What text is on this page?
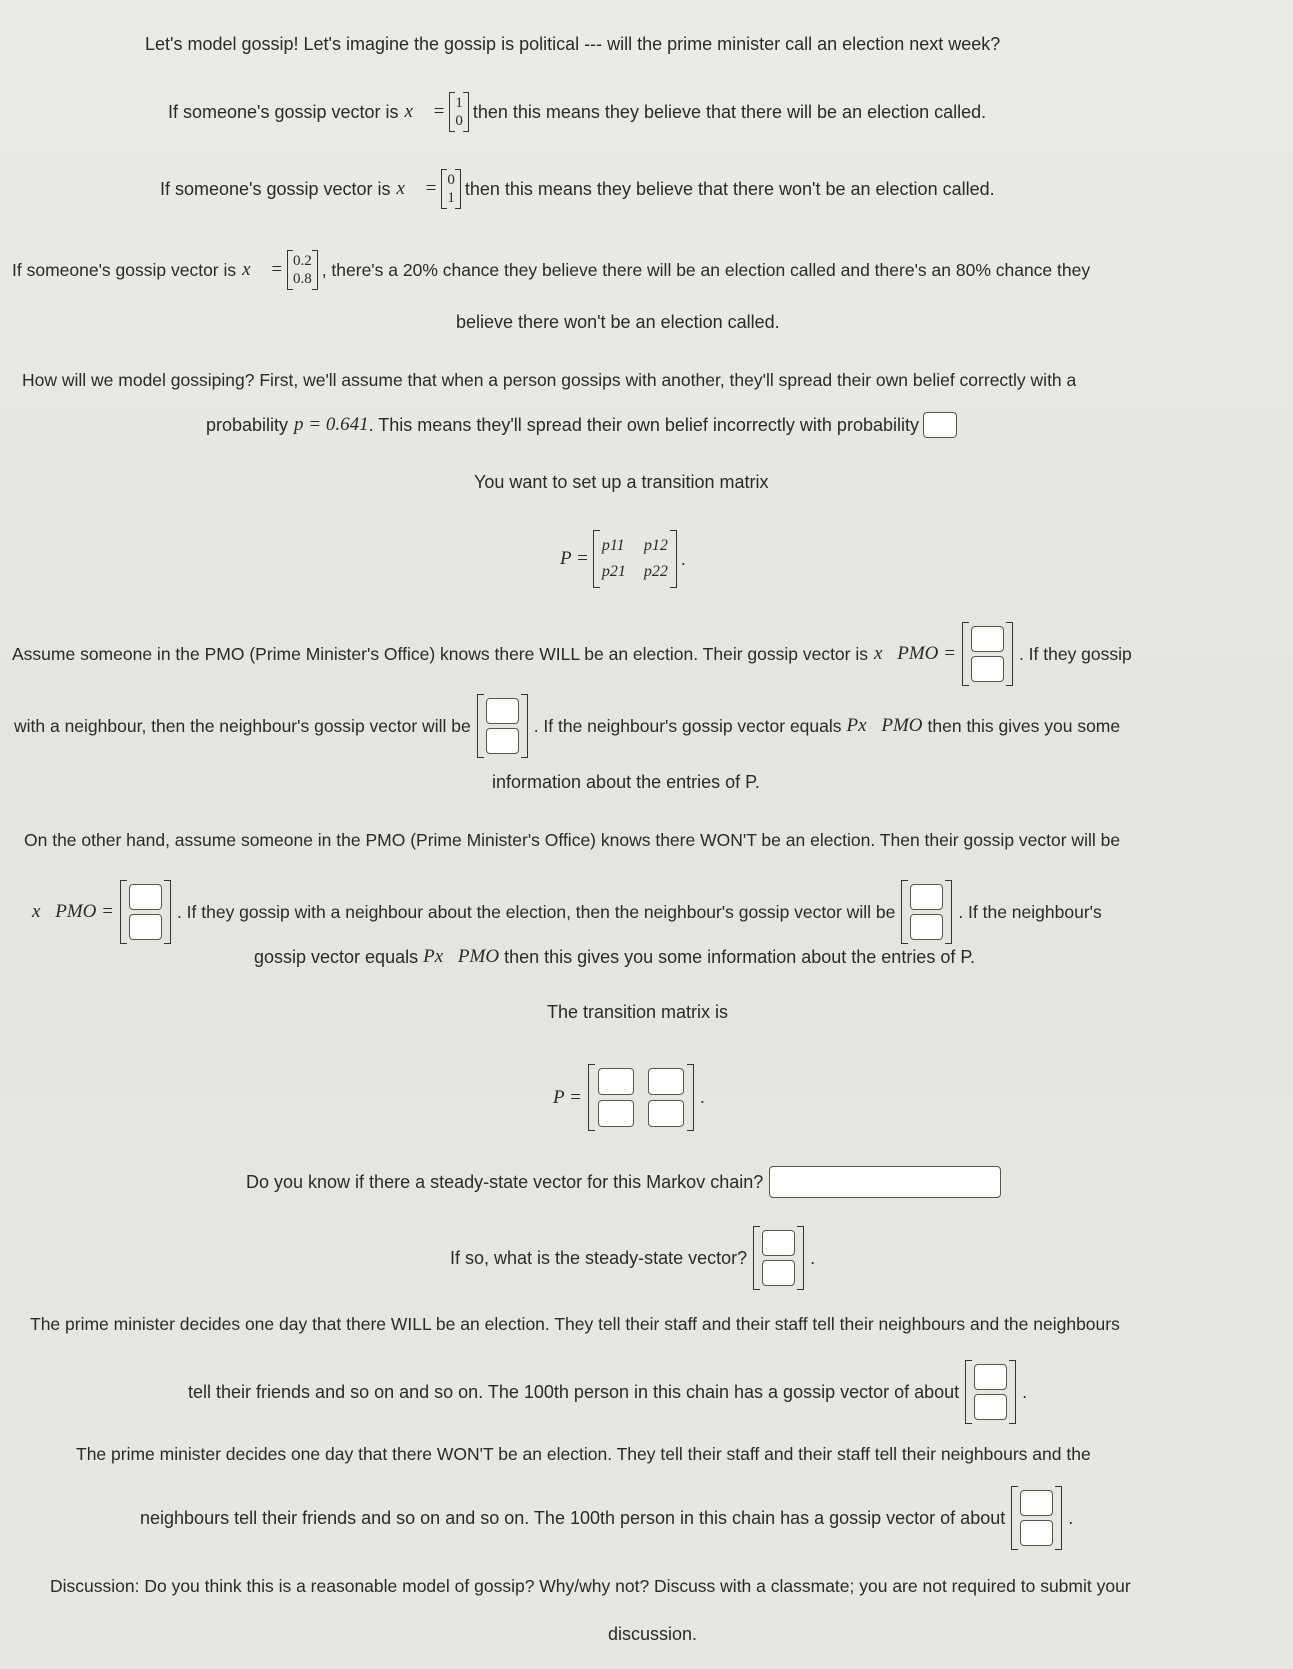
Let's model gossip! Let's imagine the gossip is political --- will the prime minister call an election next week?
If someone's gossip vector is x⃗ = 1
0 then this means they believe that there will be an election called.
If someone's gossip vector is x⃗ = 0
1 then this means they believe that there won't be an election called.
If someone's gossip vector is x⃗ = 0.2
0.8 , there's a 20% chance they believe there will be an election called and there's an 80% chance they
believe there won't be an election called.
How will we model gossiping? First, we'll assume that when a person gossips with another, they'll spread their own belief correctly with a
probability p = 0.641 . This means they'll spread their own belief incorrectly with probability
You want to set up a transition matrix
P =
p11 p12
p21 p22
.
Assume someone in the PMO (Prime Minister's Office) knows there WILL be an election. Their gossip vector is x⃗PMO =	. If they gossip
with a neighbour, then the neighbour's gossip vector will be	. If the neighbour's gossip vector equals Px⃗PMO then this gives you some
information about the entries of P.
On the other hand, assume someone in the PMO (Prime Minister's Office) knows there WON'T be an election. Then their gossip vector will be
x⃗PMO =	. If they gossip with a neighbour about the election, then the neighbour's gossip vector will be	. If the neighbour's
gossip vector equals Px⃗PMO then this gives you some information about the entries of P.
The transition matrix is
P =	.
Do you know if there a steady-state vector for this Markov chain?
If so, what is the steady-state vector?	.
The prime minister decides one day that there WILL be an election. They tell their staff and their staff tell their neighbours and the neighbours
tell their friends and so on and so on. The 100th person in this chain has a gossip vector of about	.
The prime minister decides one day that there WON'T be an election. They tell their staff and their staff tell their neighbours and the
neighbours tell their friends and so on and so on. The 100th person in this chain has a gossip vector of about	.
Discussion: Do you think this is a reasonable model of gossip? Why/why not? Discuss with a classmate; you are not required to submit your
discussion.
